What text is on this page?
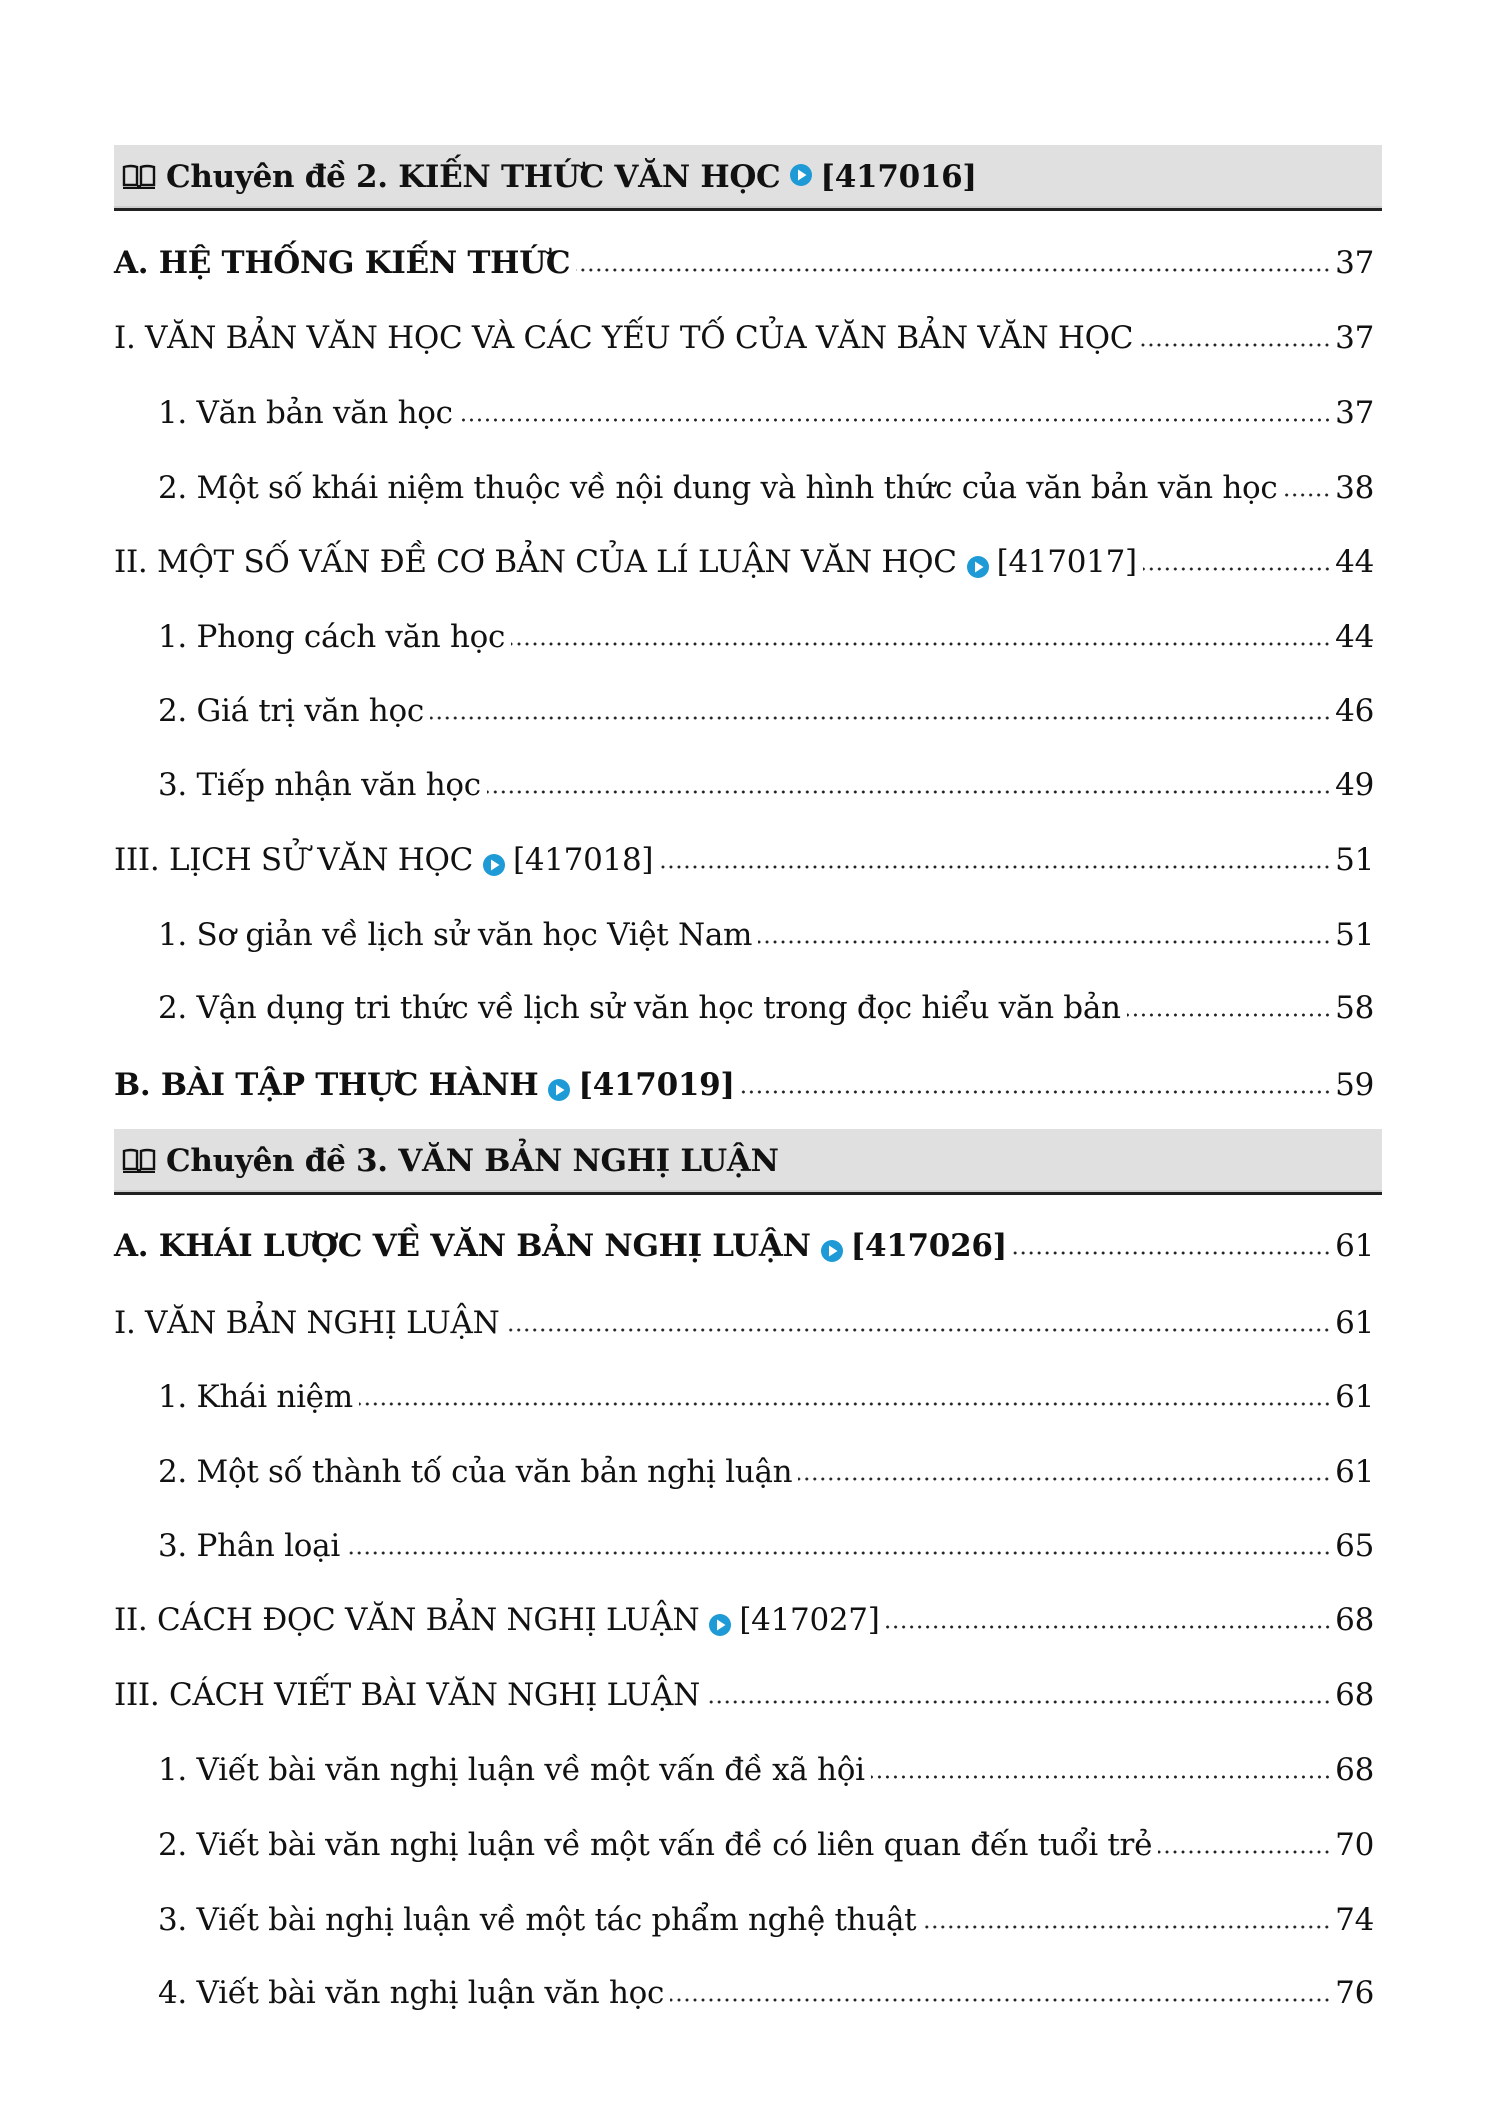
Chuyên đề 2. KIẾN THỨC VĂN HỌC [417016]
A. HỆ THỐNG KIẾN THỨC	37
I. VĂN BẢN VĂN HỌC VÀ CÁC YẾU TỐ CỦA VĂN BẢN VĂN HỌC	37
1. Văn bản văn học	37
2. Một số khái niệm thuộc về nội dung và hình thức của văn bản văn học 38
II. MỘT SỐ VẤN ĐỀ CƠ BẢN CỦA LÍ LUẬN VĂN HỌC [417017]	44
1. Phong cách văn học	44
2. Giá trị văn học	46
3. Tiếp nhận văn học	49
III. LỊCH SỬ VĂN HỌC [417018]	51
1. Sơ giản về lịch sử văn học Việt Nam	51
2. Vận dụng tri thức về lịch sử văn học trong đọc hiểu văn bản	58
B. BÀI TẬP THỰC HÀNH [417019]	59
Chuyên đề 3. VĂN BẢN NGHỊ LUẬN
A. KHÁI LƯỢC VỀ VĂN BẢN NGHỊ LUẬN [417026]	61
I. VĂN BẢN NGHỊ LUẬN	61
1. Khái niệm	61
2. Một số thành tố của văn bản nghị luận	61
3. Phân loại	65
II. CÁCH ĐỌC VĂN BẢN NGHỊ LUẬN [417027]	68
III. CÁCH VIẾT BÀI VĂN NGHỊ LUẬN	68
1. Viết bài văn nghị luận về một vấn đề xã hội	68
2. Viết bài văn nghị luận về một vấn đề có liên quan đến tuổi trẻ	70
3. Viết bài nghị luận về một tác phẩm nghệ thuật	74
4. Viết bài văn nghị luận văn học	76
